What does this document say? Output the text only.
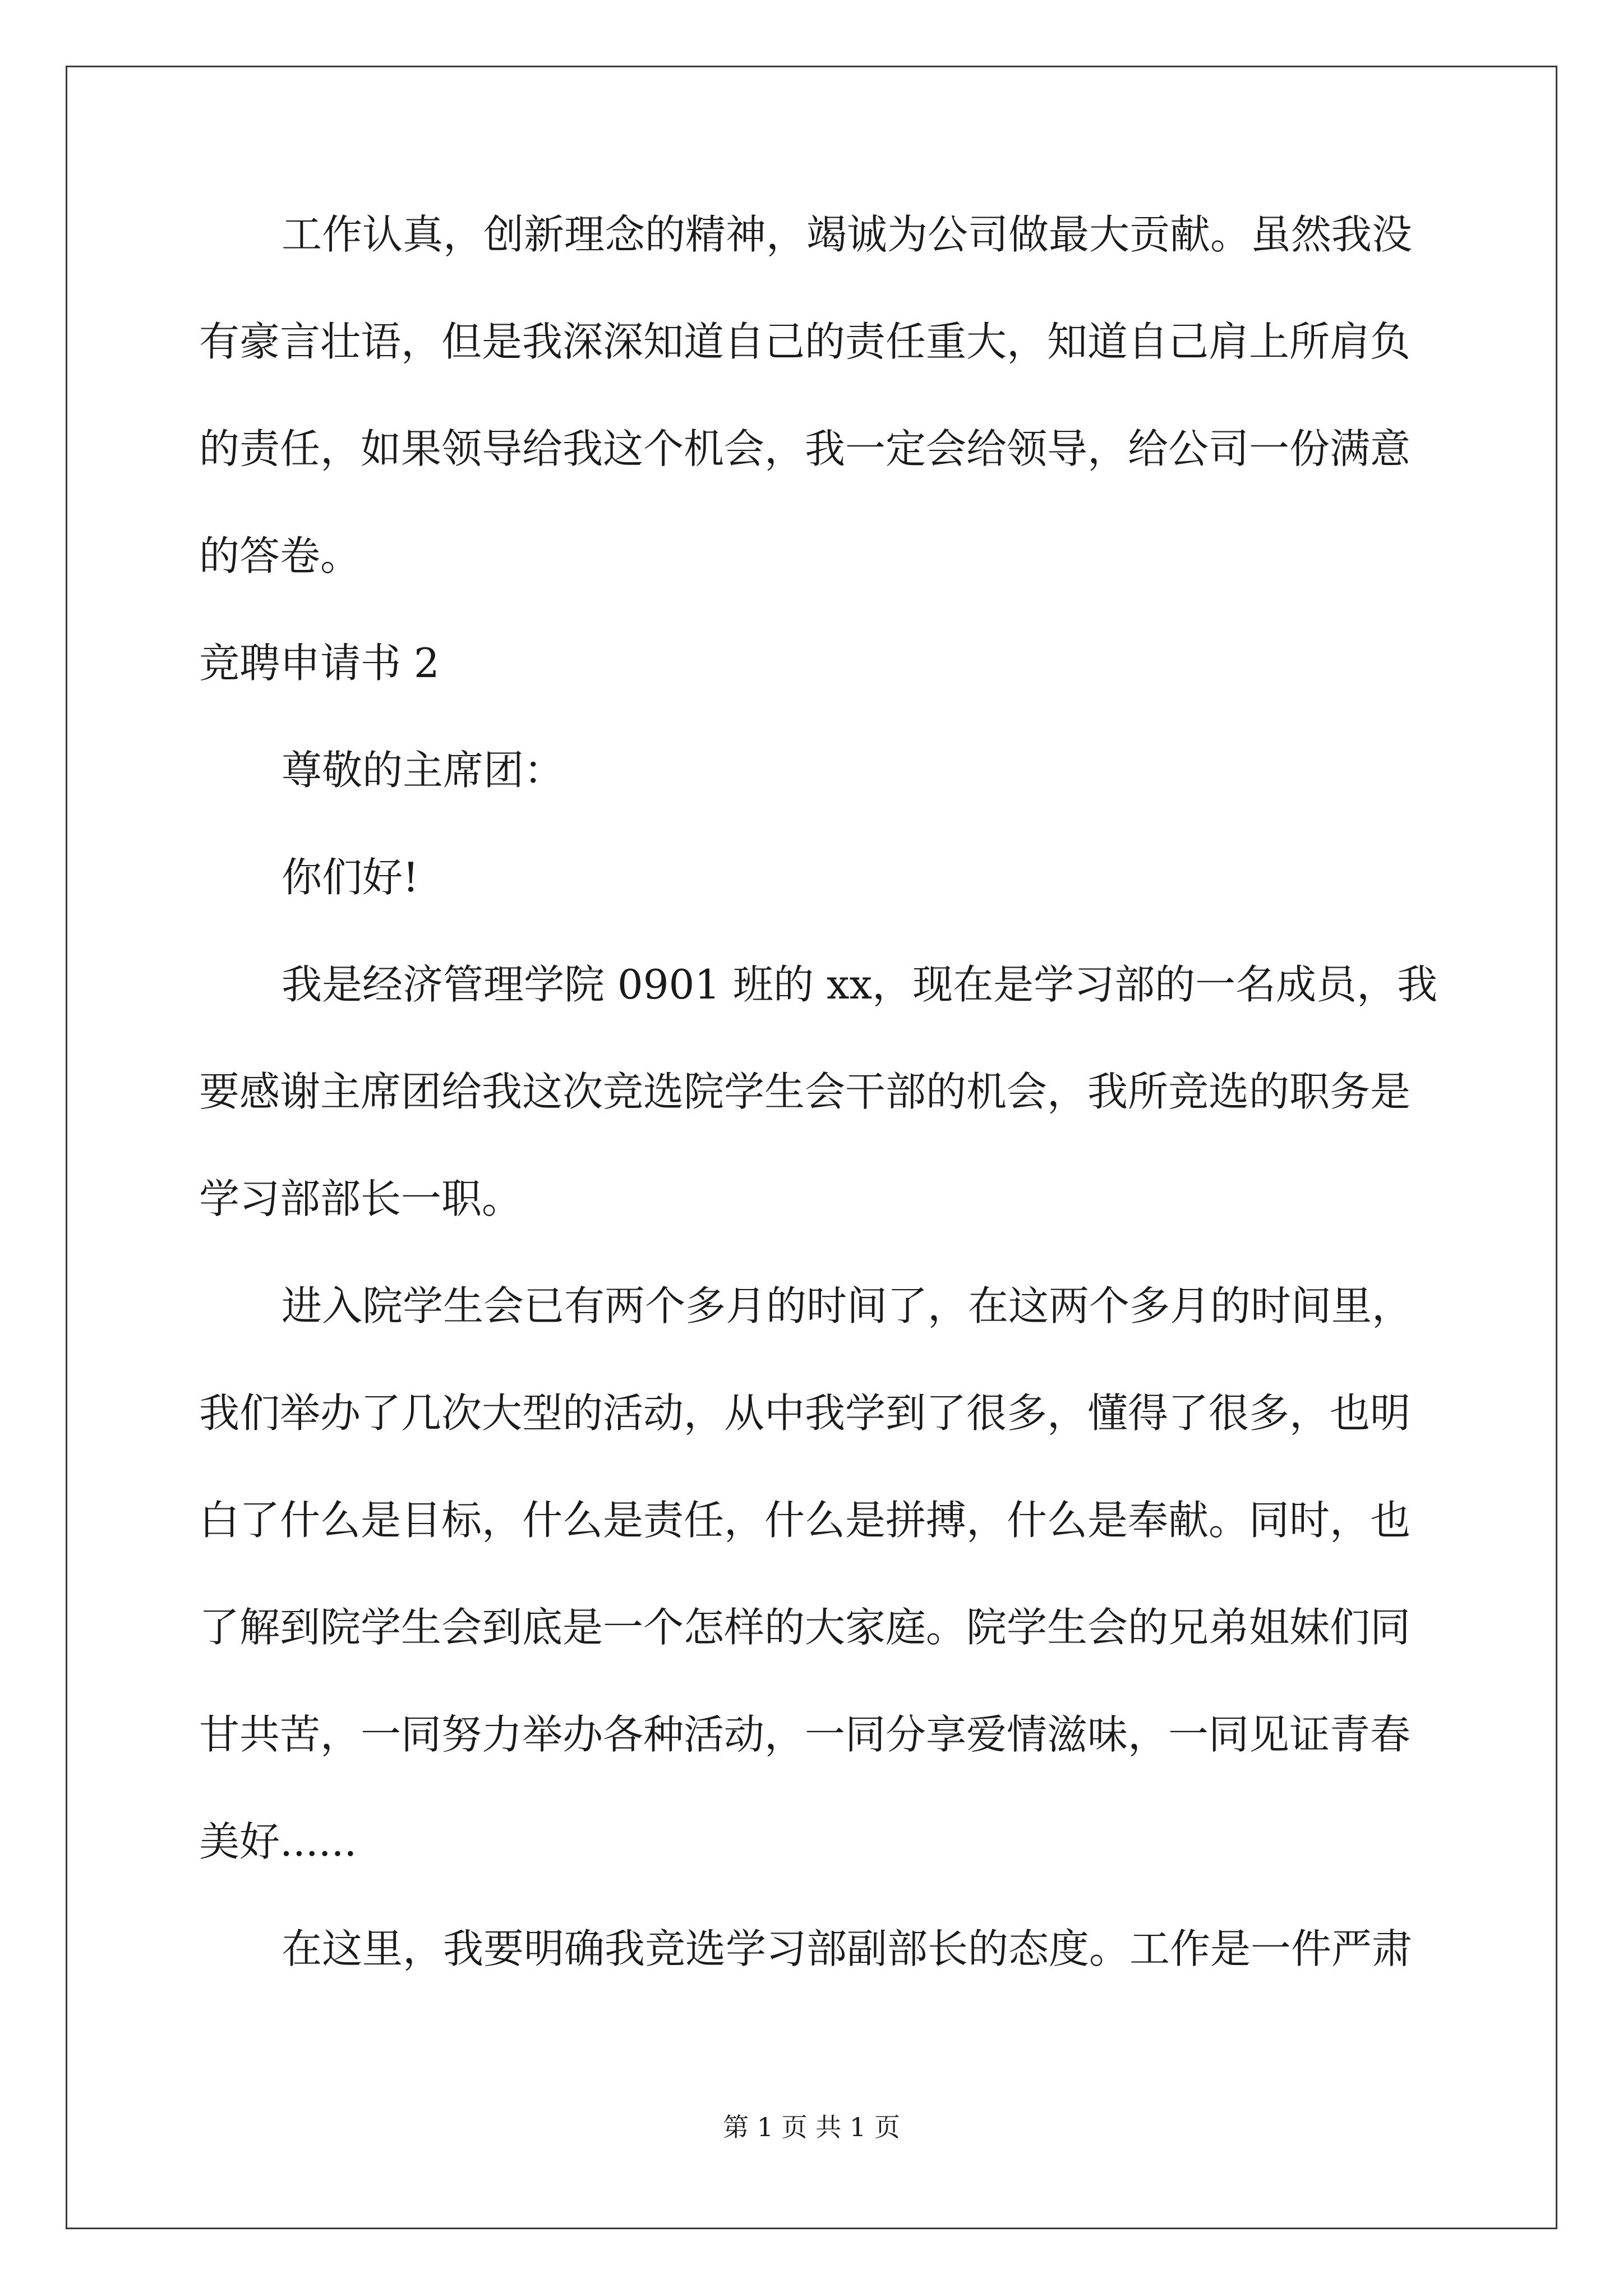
工作认真，创新理念的精神，竭诚为公司做最大贡献。虽然我没
有豪言壮语，但是我深深知道自己的责任重大，知道自己肩上所肩负
的责任，如果领导给我这个机会，我一定会给领导，给公司一份满意
的答卷。
竞聘申请书 2
尊敬的主席团：
你们好!
我是经济管理学院 0901 班的 xx，现在是学习部的一名成员，我
要感谢主席团给我这次竞选院学生会干部的机会，我所竞选的职务是
学习部部长一职。
进入院学生会已有两个多月的时间了，在这两个多月的时间里，
我们举办了几次大型的活动，从中我学到了很多，懂得了很多，也明
白了什么是目标，什么是责任，什么是拼搏，什么是奉献。同时，也
了解到院学生会到底是一个怎样的大家庭。院学生会的兄弟姐妹们同
甘共苦，一同努力举办各种活动，一同分享爱情滋味，一同见证青春
美好......
在这里，我要明确我竞选学习部副部长的态度。工作是一件严肃
第 1 页 共 1 页
